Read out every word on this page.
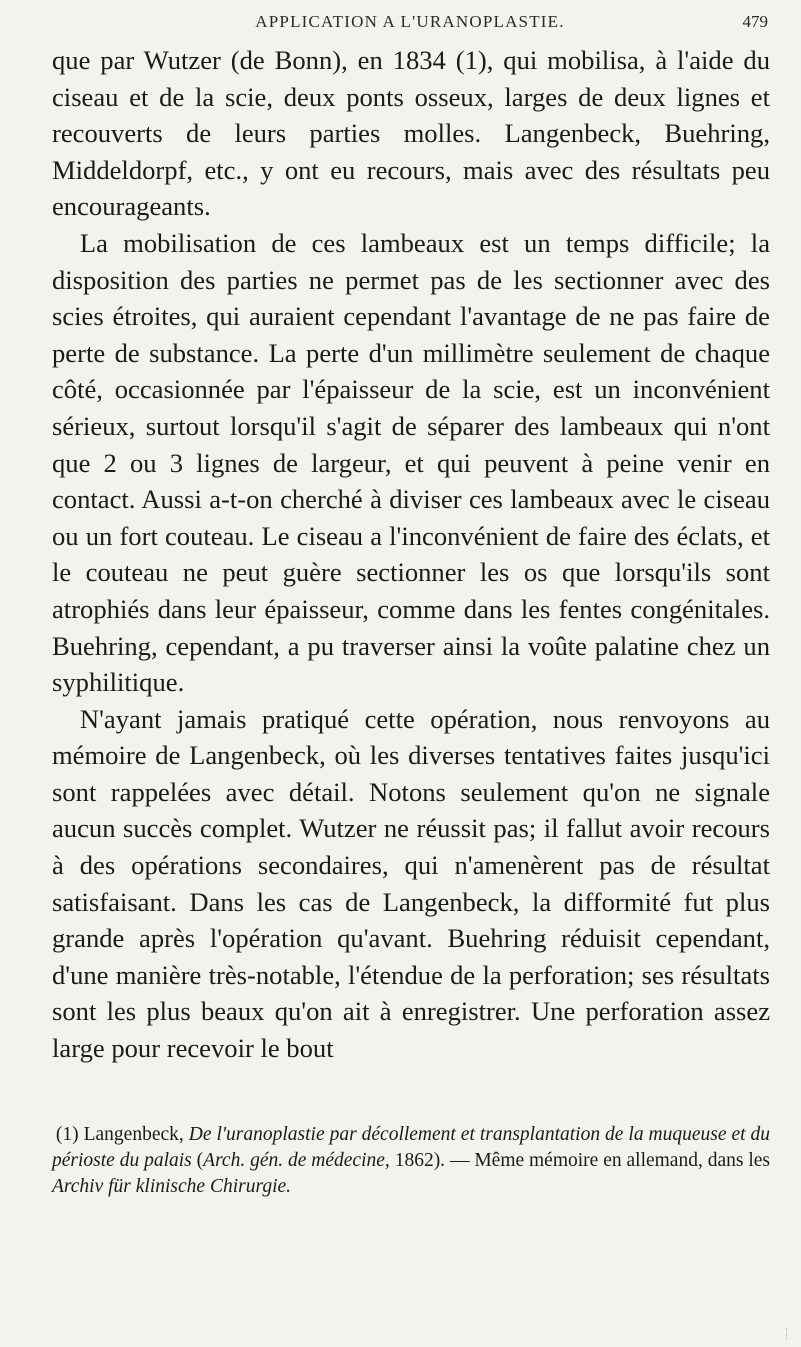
APPLICATION A L'URANOPLASTIE.	479

que par Wutzer (de Bonn), en 1834 (1), qui mobilisa, à l'aide du ciseau et de la scie, deux ponts osseux, larges de deux lignes et recouverts de leurs parties molles. Langenbeck, Buehring, Middeldorpf, etc., y ont eu recours, mais avec des résultats peu encourageants.

La mobilisation de ces lambeaux est un temps difficile; la disposition des parties ne permet pas de les sectionner avec des scies étroites, qui auraient cependant l'avantage de ne pas faire de perte de substance. La perte d'un millimètre seulement de chaque côté, occasionnée par l'épaisseur de la scie, est un inconvénient sérieux, surtout lorsqu'il s'agit de séparer des lambeaux qui n'ont que 2 ou 3 lignes de largeur, et qui peuvent à peine venir en contact. Aussi a-t-on cherché à diviser ces lambeaux avec le ciseau ou un fort couteau. Le ciseau a l'inconvénient de faire des éclats, et le couteau ne peut guère sectionner les os que lorsqu'ils sont atrophiés dans leur épaisseur, comme dans les fentes congénitales. Buehring, cependant, a pu traverser ainsi la voûte palatine chez un syphilitique.

N'ayant jamais pratiqué cette opération, nous renvoyons au mémoire de Langenbeck, où les diverses tentatives faites jusqu'ici sont rappelées avec détail. Notons seulement qu'on ne signale aucun succès complet. Wutzer ne réussit pas; il fallut avoir recours à des opérations secondaires, qui n'amenèrent pas de résultat satisfaisant. Dans les cas de Langenbeck, la difformité fut plus grande après l'opération qu'avant. Buehring réduisit cependant, d'une manière très-notable, l'étendue de la perforation; ses résultats sont les plus beaux qu'on ait à enregistrer. Une perforation assez large pour recevoir le bout

(1) Langenbeck, De l'uranoplastie par décollement et transplantation de la muqueuse et du périoste du palais (Arch. gén. de médecine, 1862). — Même mémoire en allemand, dans les Archiv für klinische Chirurgie.
